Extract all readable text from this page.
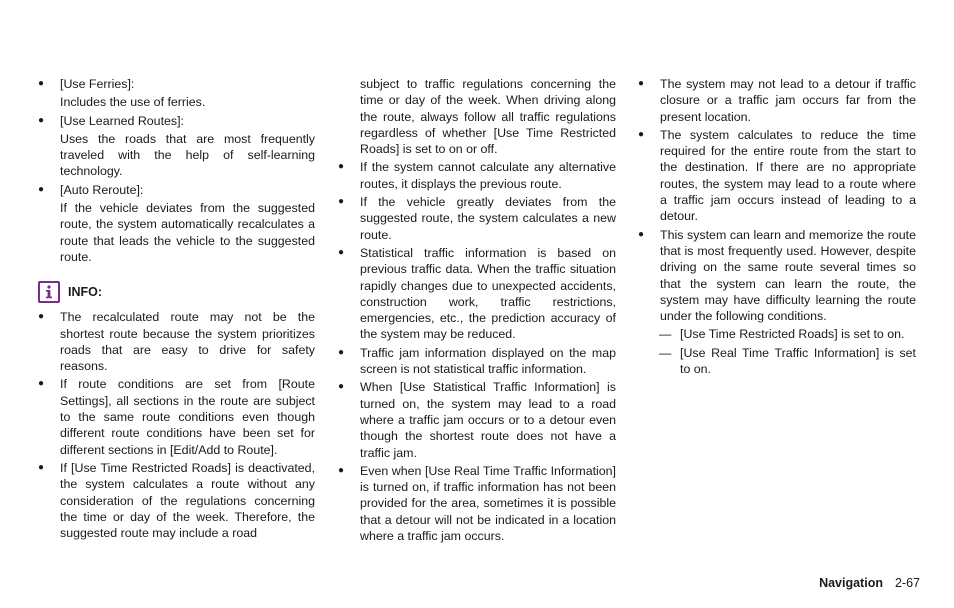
● [Use Ferries]:
Includes the use of ferries.
● [Use Learned Routes]:
Uses the roads that are most frequently traveled with the help of self-learning technology.
● [Auto Reroute]:
If the vehicle deviates from the suggested route, the system automatically recalculates a route that leads the vehicle to the suggested route.
INFO:
● The recalculated route may not be the shortest route because the system prioritizes roads that are easy to drive for safety reasons.
● If route conditions are set from [Route Settings], all sections in the route are subject to the same route conditions even though different route conditions have been set for different sections in [Edit/Add to Route].
● If [Use Time Restricted Roads] is deactivated, the system calculates a route without any consideration of the regulations concerning the time or day of the week. Therefore, the suggested route may include a road
subject to traffic regulations concerning the time or day of the week. When driving along the route, always follow all traffic regulations regardless of whether [Use Time Restricted Roads] is set to on or off.
● If the system cannot calculate any alternative routes, it displays the previous route.
● If the vehicle greatly deviates from the suggested route, the system calculates a new route.
● Statistical traffic information is based on previous traffic data. When the traffic situation rapidly changes due to unexpected accidents, construction work, traffic restrictions, emergencies, etc., the prediction accuracy of the system may be reduced.
● Traffic jam information displayed on the map screen is not statistical traffic information.
● When [Use Statistical Traffic Information] is turned on, the system may lead to a road where a traffic jam occurs or to a detour even though the shortest route does not have a traffic jam.
● Even when [Use Real Time Traffic Information] is turned on, if traffic information has not been provided for the area, sometimes it is possible that a detour will not be indicated in a location where a traffic jam occurs.
● The system may not lead to a detour if traffic closure or a traffic jam occurs far from the present location.
● The system calculates to reduce the time required for the entire route from the start to the destination. If there are no appropriate routes, the system may lead to a route where a traffic jam occurs instead of leading to a detour.
● This system can learn and memorize the route that is most frequently used. However, despite driving on the same route several times so that the system can learn the route, the system may have difficulty learning the route under the following conditions.
— [Use Time Restricted Roads] is set to on.
— [Use Real Time Traffic Information] is set to on.
Navigation 2-67
